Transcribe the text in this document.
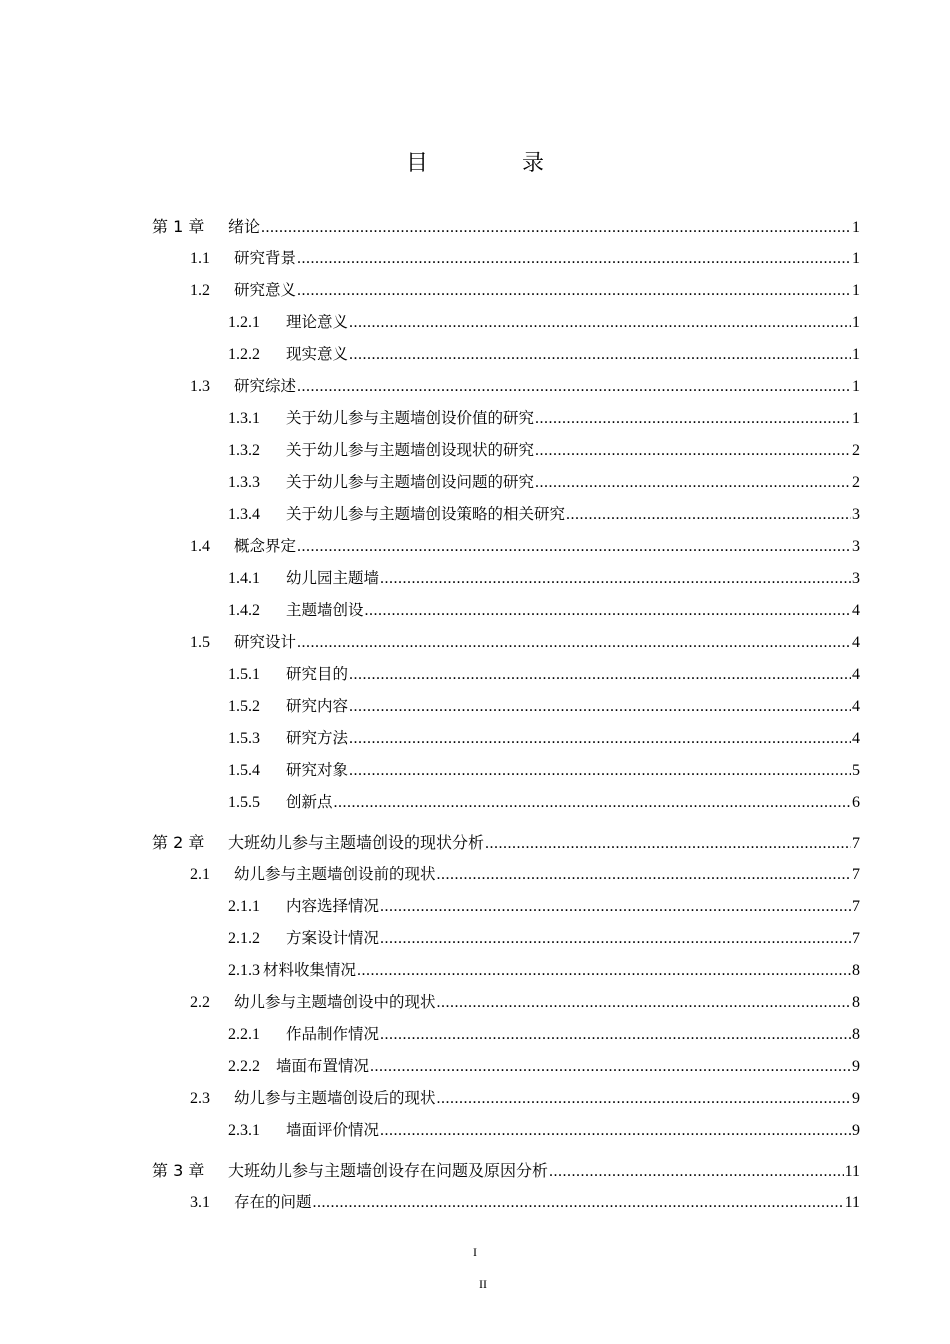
目　录
第 1 章	绪论 .....	1
1.1	研究背景 .....	1
1.2	研究意义 .....	1
1.2.1	理论意义 .....	1
1.2.2	现实意义 .....	1
1.3	研究综述 .....	1
1.3.1	关于幼儿参与主题墙创设价值的研究 .....	1
1.3.2	关于幼儿参与主题墙创设现状的研究 .....	2
1.3.3	关于幼儿参与主题墙创设问题的研究 .....	2
1.3.4	关于幼儿参与主题墙创设策略的相关研究 .....	3
1.4	概念界定 .....	3
1.4.1	幼儿园主题墙 .....	3
1.4.2	主题墙创设 .....	4
1.5	研究设计 .....	4
1.5.1	研究目的 .....	4
1.5.2	研究内容 .....	4
1.5.3	研究方法 .....	4
1.5.4	研究对象 .....	5
1.5.5	创新点 .....	6
第 2 章	大班幼儿参与主题墙创设的现状分析 .....	7
2.1	幼儿参与主题墙创设前的现状 .....	7
2.1.1	内容选择情况 .....	7
2.1.2	方案设计情况 .....	7
2.1.3 材料收集情况 .....	8
2.2	幼儿参与主题墙创设中的现状 .....	8
2.2.1	作品制作情况 .....	8
2.2.2	墙面布置情况 .....	9
2.3	幼儿参与主题墙创设后的现状 .....	9
2.3.1	墙面评价情况 .....	9
第 3 章	大班幼儿参与主题墙创设存在问题及原因分析 .....	11
3.1	存在的问题 .....	11
I
II
